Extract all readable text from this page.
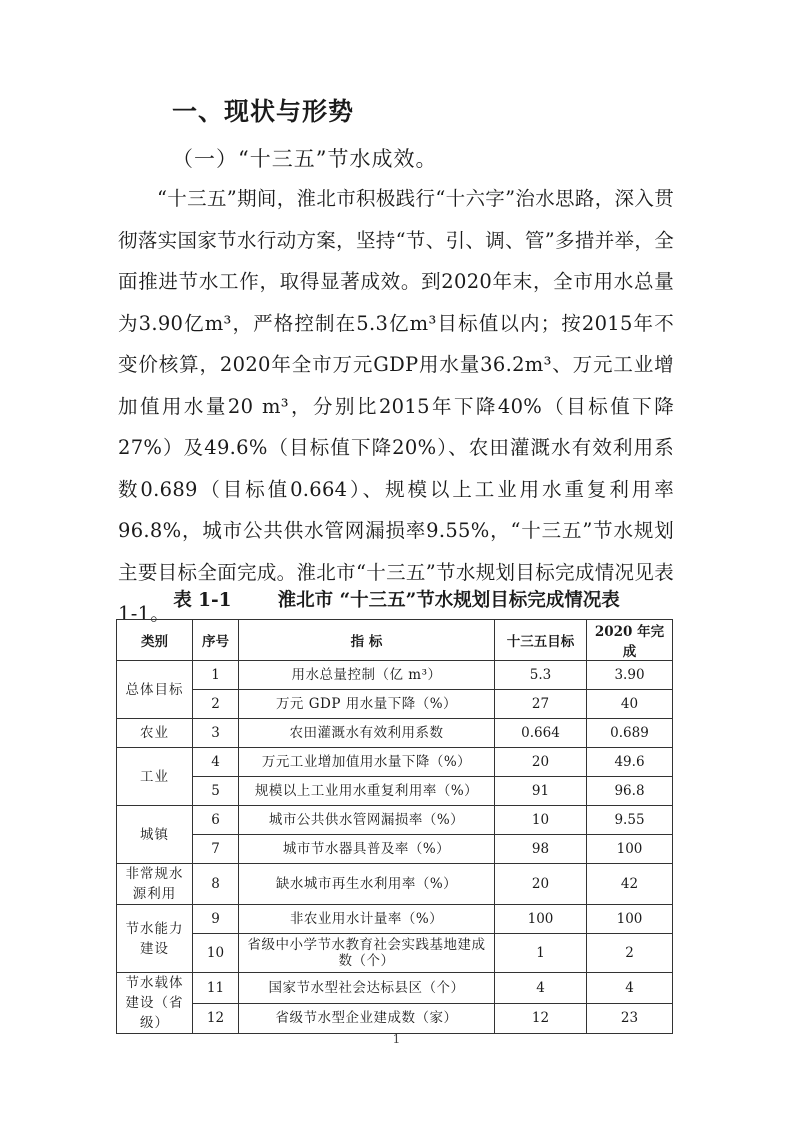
一、现状与形势
（一）“十三五”节水成效。

“十三五”期间，淮北市积极践行“十六字”治水思路，深入贯彻落实国家节水行动方案，坚持“节、引、调、管”多措并举，全面推进节水工作，取得显著成效。到2020年末，全市用水总量为3.90亿m³，严格控制在5.3亿m³目标值以内；按2015年不变价核算，2020年全市万元GDP用水量36.2m³、万元工业增加值用水量20 m³，分别比2015年下降40%（目标值下降27%）及49.6%（目标值下降20%）、农田灌溉水有效利用系数0.689（目标值0.664）、规模以上工业用水重复利用率96.8%，城市公共供水管网漏损率9.55%，“十三五”节水规划主要目标全面完成。淮北市“十三五”节水规划目标完成情况见表1-1。

表 1-1 淮北市 “十三五”节水规划目标完成情况表
类别	序号	指 标	十三五目标	2020 年完成
总体目标	1	用水总量控制（亿 m³）	5.3	3.90
	2	万元 GDP 用水量下降（%）	27	40
农业	3	农田灌溉水有效利用系数	0.664	0.689
工业	4	万元工业增加值用水量下降（%）	20	49.6
	5	规模以上工业用水重复利用率（%）	91	96.8
城镇	6	城市公共供水管网漏损率（%）	10	9.55
	7	城市节水器具普及率（%）	98	100
非常规水源利用	8	缺水城市再生水利用率（%）	20	42
节水能力建设	9	非农业用水计量率（%）	100	100
	10	省级中小学节水教育社会实践基地建成数（个）	1	2
节水载体建设（省级）	11	国家节水型社会达标县区（个）	4	4
	12	省级节水型企业建成数（家）	12	23
1
